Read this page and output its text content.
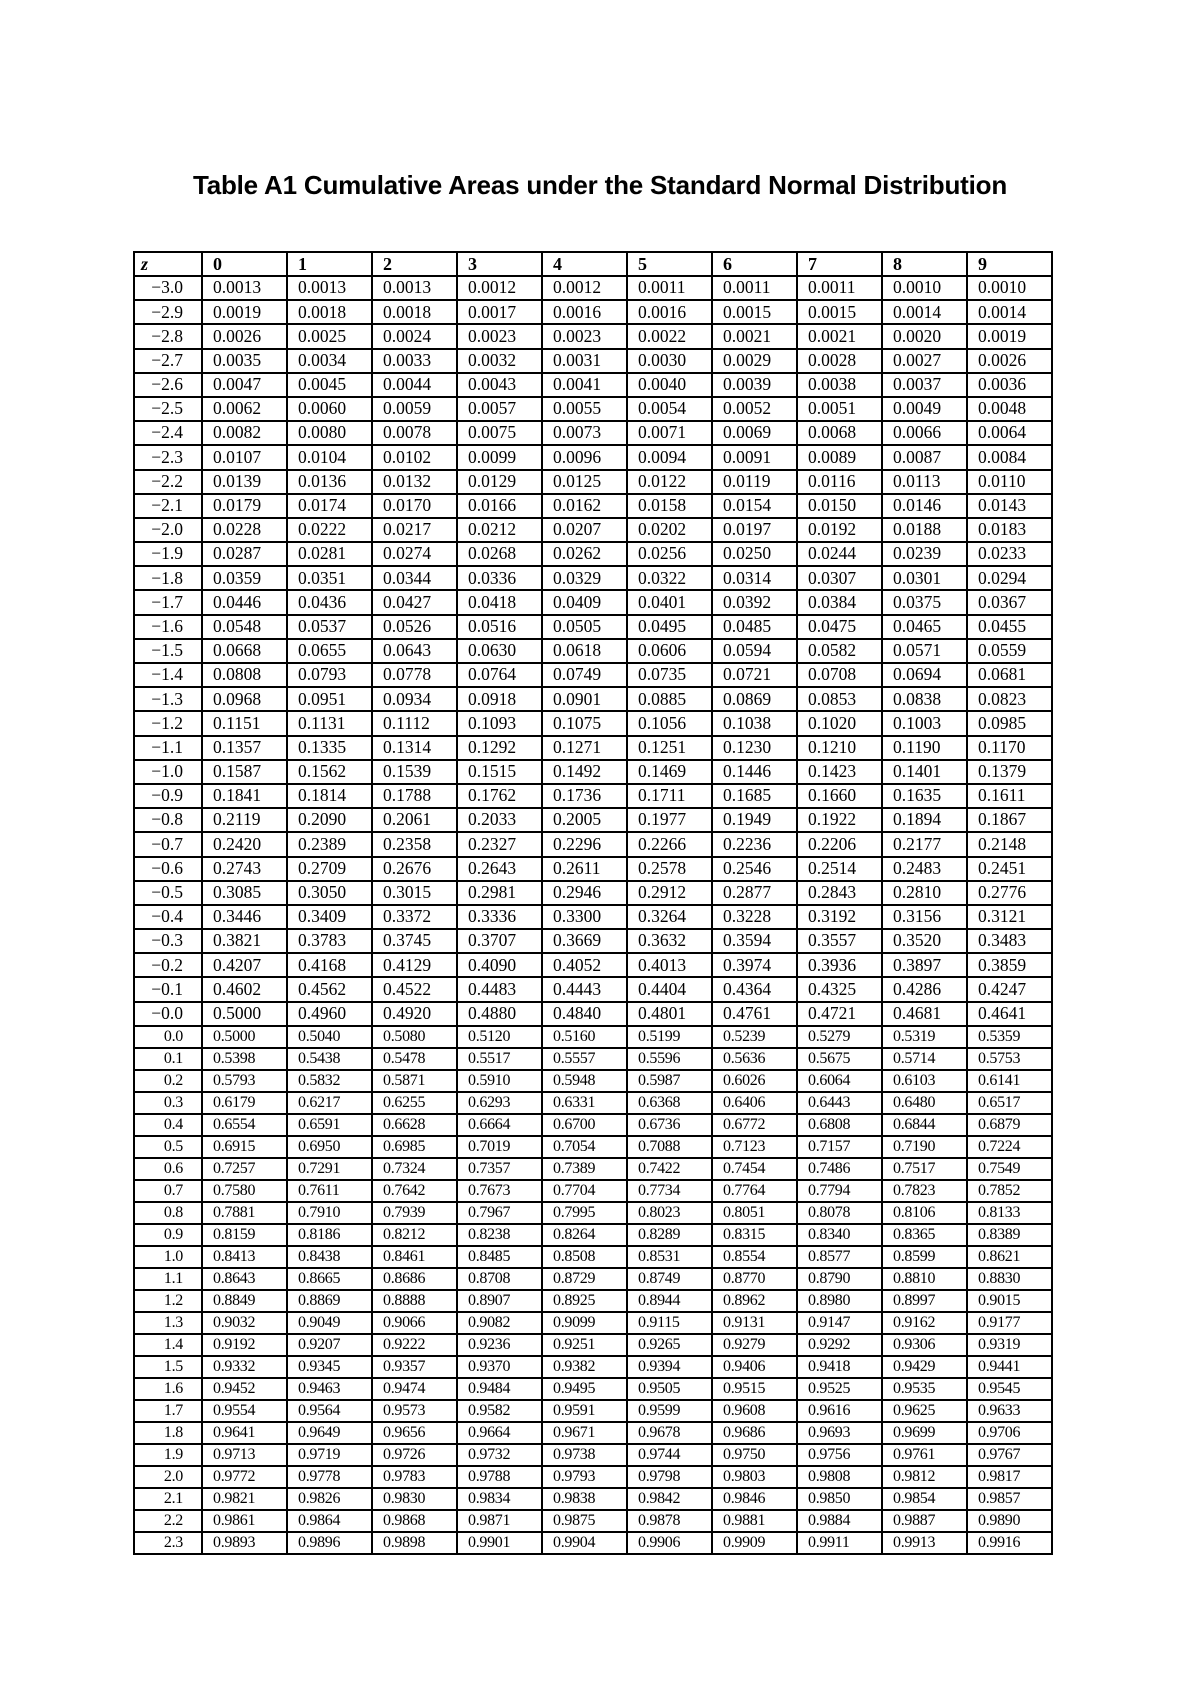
Table A1 Cumulative Areas under the Standard Normal Distribution
z	0	1	2	3	4	5	6	7	8	9
−3.0	0.0013	0.0013	0.0013	0.0012	0.0012	0.0011	0.0011	0.0011	0.0010	0.0010
−2.9	0.0019	0.0018	0.0018	0.0017	0.0016	0.0016	0.0015	0.0015	0.0014	0.0014
−2.8	0.0026	0.0025	0.0024	0.0023	0.0023	0.0022	0.0021	0.0021	0.0020	0.0019
−2.7	0.0035	0.0034	0.0033	0.0032	0.0031	0.0030	0.0029	0.0028	0.0027	0.0026
−2.6	0.0047	0.0045	0.0044	0.0043	0.0041	0.0040	0.0039	0.0038	0.0037	0.0036
−2.5	0.0062	0.0060	0.0059	0.0057	0.0055	0.0054	0.0052	0.0051	0.0049	0.0048
−2.4	0.0082	0.0080	0.0078	0.0075	0.0073	0.0071	0.0069	0.0068	0.0066	0.0064
−2.3	0.0107	0.0104	0.0102	0.0099	0.0096	0.0094	0.0091	0.0089	0.0087	0.0084
−2.2	0.0139	0.0136	0.0132	0.0129	0.0125	0.0122	0.0119	0.0116	0.0113	0.0110
−2.1	0.0179	0.0174	0.0170	0.0166	0.0162	0.0158	0.0154	0.0150	0.0146	0.0143
−2.0	0.0228	0.0222	0.0217	0.0212	0.0207	0.0202	0.0197	0.0192	0.0188	0.0183
−1.9	0.0287	0.0281	0.0274	0.0268	0.0262	0.0256	0.0250	0.0244	0.0239	0.0233
−1.8	0.0359	0.0351	0.0344	0.0336	0.0329	0.0322	0.0314	0.0307	0.0301	0.0294
−1.7	0.0446	0.0436	0.0427	0.0418	0.0409	0.0401	0.0392	0.0384	0.0375	0.0367
−1.6	0.0548	0.0537	0.0526	0.0516	0.0505	0.0495	0.0485	0.0475	0.0465	0.0455
−1.5	0.0668	0.0655	0.0643	0.0630	0.0618	0.0606	0.0594	0.0582	0.0571	0.0559
−1.4	0.0808	0.0793	0.0778	0.0764	0.0749	0.0735	0.0721	0.0708	0.0694	0.0681
−1.3	0.0968	0.0951	0.0934	0.0918	0.0901	0.0885	0.0869	0.0853	0.0838	0.0823
−1.2	0.1151	0.1131	0.1112	0.1093	0.1075	0.1056	0.1038	0.1020	0.1003	0.0985
−1.1	0.1357	0.1335	0.1314	0.1292	0.1271	0.1251	0.1230	0.1210	0.1190	0.1170
−1.0	0.1587	0.1562	0.1539	0.1515	0.1492	0.1469	0.1446	0.1423	0.1401	0.1379
−0.9	0.1841	0.1814	0.1788	0.1762	0.1736	0.1711	0.1685	0.1660	0.1635	0.1611
−0.8	0.2119	0.2090	0.2061	0.2033	0.2005	0.1977	0.1949	0.1922	0.1894	0.1867
−0.7	0.2420	0.2389	0.2358	0.2327	0.2296	0.2266	0.2236	0.2206	0.2177	0.2148
−0.6	0.2743	0.2709	0.2676	0.2643	0.2611	0.2578	0.2546	0.2514	0.2483	0.2451
−0.5	0.3085	0.3050	0.3015	0.2981	0.2946	0.2912	0.2877	0.2843	0.2810	0.2776
−0.4	0.3446	0.3409	0.3372	0.3336	0.3300	0.3264	0.3228	0.3192	0.3156	0.3121
−0.3	0.3821	0.3783	0.3745	0.3707	0.3669	0.3632	0.3594	0.3557	0.3520	0.3483
−0.2	0.4207	0.4168	0.4129	0.4090	0.4052	0.4013	0.3974	0.3936	0.3897	0.3859
−0.1	0.4602	0.4562	0.4522	0.4483	0.4443	0.4404	0.4364	0.4325	0.4286	0.4247
−0.0	0.5000	0.4960	0.4920	0.4880	0.4840	0.4801	0.4761	0.4721	0.4681	0.4641
0.0	0.5000	0.5040	0.5080	0.5120	0.5160	0.5199	0.5239	0.5279	0.5319	0.5359
0.1	0.5398	0.5438	0.5478	0.5517	0.5557	0.5596	0.5636	0.5675	0.5714	0.5753
0.2	0.5793	0.5832	0.5871	0.5910	0.5948	0.5987	0.6026	0.6064	0.6103	0.6141
0.3	0.6179	0.6217	0.6255	0.6293	0.6331	0.6368	0.6406	0.6443	0.6480	0.6517
0.4	0.6554	0.6591	0.6628	0.6664	0.6700	0.6736	0.6772	0.6808	0.6844	0.6879
0.5	0.6915	0.6950	0.6985	0.7019	0.7054	0.7088	0.7123	0.7157	0.7190	0.7224
0.6	0.7257	0.7291	0.7324	0.7357	0.7389	0.7422	0.7454	0.7486	0.7517	0.7549
0.7	0.7580	0.7611	0.7642	0.7673	0.7704	0.7734	0.7764	0.7794	0.7823	0.7852
0.8	0.7881	0.7910	0.7939	0.7967	0.7995	0.8023	0.8051	0.8078	0.8106	0.8133
0.9	0.8159	0.8186	0.8212	0.8238	0.8264	0.8289	0.8315	0.8340	0.8365	0.8389
1.0	0.8413	0.8438	0.8461	0.8485	0.8508	0.8531	0.8554	0.8577	0.8599	0.8621
1.1	0.8643	0.8665	0.8686	0.8708	0.8729	0.8749	0.8770	0.8790	0.8810	0.8830
1.2	0.8849	0.8869	0.8888	0.8907	0.8925	0.8944	0.8962	0.8980	0.8997	0.9015
1.3	0.9032	0.9049	0.9066	0.9082	0.9099	0.9115	0.9131	0.9147	0.9162	0.9177
1.4	0.9192	0.9207	0.9222	0.9236	0.9251	0.9265	0.9279	0.9292	0.9306	0.9319
1.5	0.9332	0.9345	0.9357	0.9370	0.9382	0.9394	0.9406	0.9418	0.9429	0.9441
1.6	0.9452	0.9463	0.9474	0.9484	0.9495	0.9505	0.9515	0.9525	0.9535	0.9545
1.7	0.9554	0.9564	0.9573	0.9582	0.9591	0.9599	0.9608	0.9616	0.9625	0.9633
1.8	0.9641	0.9649	0.9656	0.9664	0.9671	0.9678	0.9686	0.9693	0.9699	0.9706
1.9	0.9713	0.9719	0.9726	0.9732	0.9738	0.9744	0.9750	0.9756	0.9761	0.9767
2.0	0.9772	0.9778	0.9783	0.9788	0.9793	0.9798	0.9803	0.9808	0.9812	0.9817
2.1	0.9821	0.9826	0.9830	0.9834	0.9838	0.9842	0.9846	0.9850	0.9854	0.9857
2.2	0.9861	0.9864	0.9868	0.9871	0.9875	0.9878	0.9881	0.9884	0.9887	0.9890
2.3	0.9893	0.9896	0.9898	0.9901	0.9904	0.9906	0.9909	0.9911	0.9913	0.9916
